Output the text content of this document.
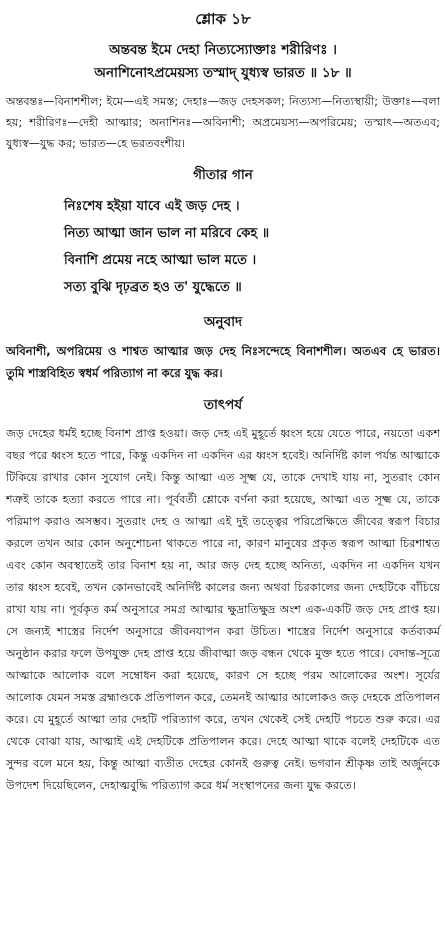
শ্লোক ১৮
অন্তবন্ত ইমে দেহা নিত্যস্যোক্তাঃ শরীরিণঃ ।
অনাশিনোঽপ্রমেয়স্য তস্মাদ্ যুধ্যস্ব ভারত ॥ ১৮ ॥
অন্তবন্তঃ—বিনাশশীল; ইমে—এই সমস্ত; দেহাঃ—জড় দেহসকল; নিত্যস্য—নিত্যস্থায়ী; উক্তাঃ—বলা হয়; শরীরিণঃ—দেহী আত্মার; অনাশিনঃ—অবিনাশী; অপ্রমেয়স্য—অপরিমেয়; তস্মাৎ—অতএব; যুধ্যস্ব—যুদ্ধ কর; ভারত—হে ভরতবংশীয়।
গীতার গান
নিঃশেষ হইয়া যাবে এই জড় দেহ ।
নিত্য আত্মা জান ভাল না মরিবে কেহ ॥
বিনাশি প্রমেয় নহে আত্মা ভাল মতে ।
সত্য বুঝি দৃঢ়ব্রত হও ত' যুদ্ধেতে ॥
অনুবাদ
অবিনাশী, অপরিমেয় ও শাশ্বত আত্মার জড় দেহ নিঃসন্দেহে বিনাশশীল। অতএব হে ভারত। তুমি শাস্ত্রবিহিত স্বধর্ম পরিত্যাগ না করে যুদ্ধ কর।
তাৎপর্য
জড় দেহের ধর্মই হচ্ছে বিনাশ প্রাপ্ত হওয়া। জড় দেহ এই মুহূর্তে ধ্বংস হয়ে যেতে পারে, নয়তো একশ বছর পরে ধ্বংস হতে পারে, কিন্তু একদিন না একদিন এর ধ্বংস হবেই। অনির্দিষ্ট কাল পর্যন্ত আত্মাকে টিকিয়ে রাখার কোন সুযোগ নেই। কিন্তু আত্মা এত সূক্ষ্ম যে, তাকে দেখাই যায় না, সুতরাং কোন শত্রুই তাকে হত্যা করতে পারে না। পূর্ববর্তী শ্লোকে বর্ণনা করা হয়েছে, আত্মা এত সূক্ষ্ম যে, তাকে পরিমাপ করাও অসম্ভব। সুতরাং দেহ ও আত্মা এই দুই তত্ত্বের পরিপ্রেক্ষিতে জীবের স্বরূপ বিচার করলে তখন আর কোন অনুশোচনা থাকতে পারে না, কারণ মানুষের প্রকৃত স্বরূপ আত্মা চিরশাশ্বত এবং কোন অবস্থাতেই তার বিনাশ হয় না, আর জড় দেহ হচ্ছে অনিত্য, একদিন না একদিন যখন তার ধ্বংস হবেই, তখন কোনভাবেই অনির্দিষ্ট কালের জন্য অথবা চিরকালের জন্য দেহটিকে বাঁচিয়ে রাখা যায় না। পূর্বকৃত কর্ম অনুসারে সমগ্র আত্মার ক্ষুদ্রাতিক্ষুদ্র অংশ এক-একটি জড় দেহ প্রাপ্ত হয়। সে জন্যই শাস্ত্রের নির্দেশ অনুসারে জীবনযাপন করা উচিত। শাস্ত্রের নির্দেশ অনুসারে কর্তব্যকর্ম অনুষ্ঠান করার ফলে উপযুক্ত দেহ প্রাপ্ত হয়ে জীবাত্মা জড় বন্ধন থেকে মুক্ত হতে পারে। বেদান্ত-সূত্রে আত্মাকে আলোক বলে সম্বোধন করা হয়েছে, কারণ সে হচ্ছে পরম আলোকের অংশ। সূর্যের আলোক যেমন সমস্ত ব্রহ্মাণ্ডকে প্রতিপালন করে, তেমনই আত্মার আলোকও জড় দেহকে প্রতিপালন করে। যে মুহূর্তে আত্মা তার দেহটি পরিত্যাগ করে, তখন থেকেই সেই দেহটি পচতে শুরু করে। এর থেকে বোঝা যায়, আত্মাই এই দেহটিকে প্রতিপালন করে। দেহে আত্মা থাকে বলেই দেহটিকে এত সুন্দর বলে মনে হয়, কিন্তু আত্মা ব্যতীত দেহের কোনই গুরুত্ব নেই। ভগবান শ্রীকৃষ্ণ তাই অর্জুনকে উপদেশ দিয়েছিলেন, দেহাত্মবুদ্ধি পরিত্যাগ করে ধর্ম সংস্থাপনের জন্য যুদ্ধ করতে।
